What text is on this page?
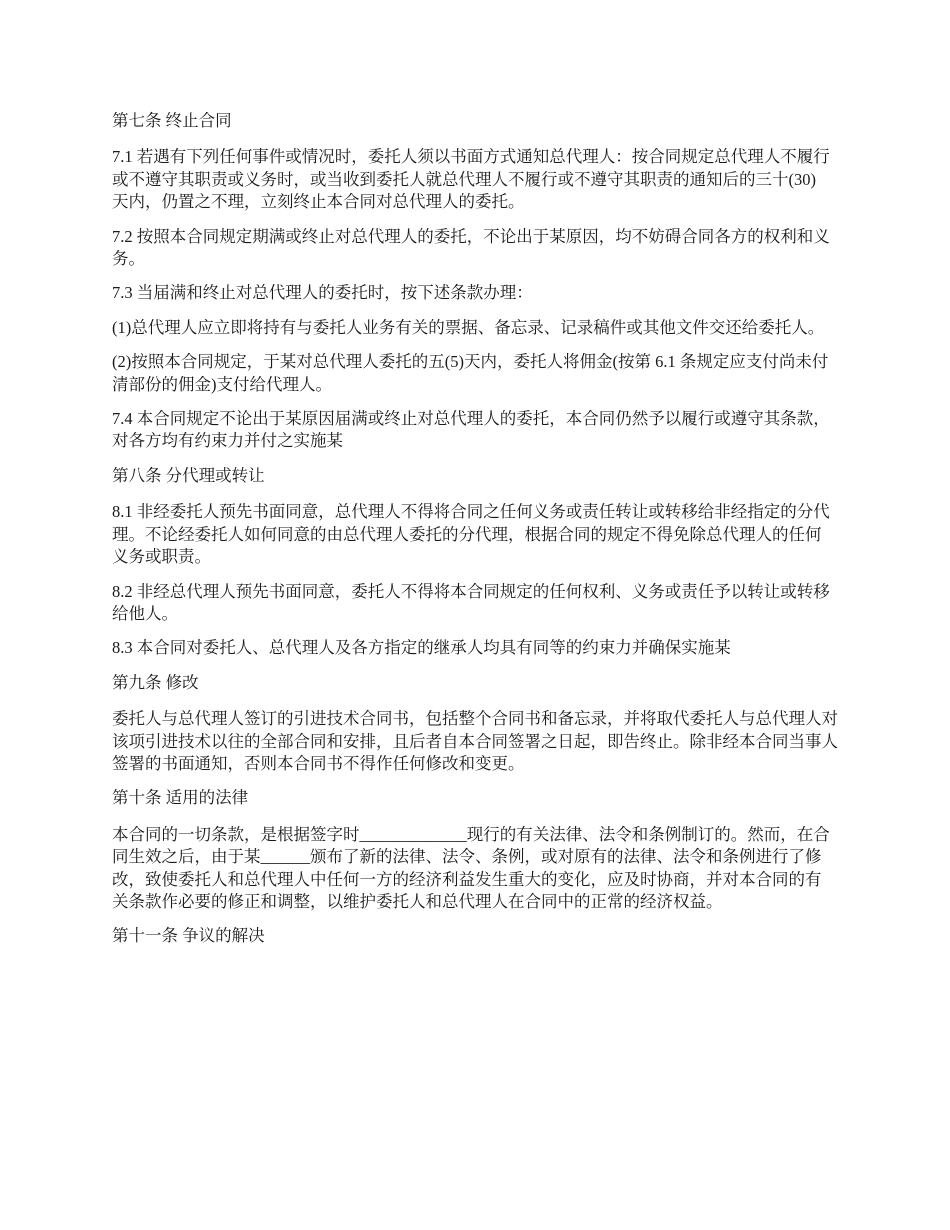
第七条 终止合同

7.1 若遇有下列任何事件或情况时，委托人须以书面方式通知总代理人：按合同规定总代理人不履行或不遵守其职责或义务时，或当收到委托人就总代理人不履行或不遵守其职责的通知后的三十(30)天内，仍置之不理，立刻终止本合同对总代理人的委托。

7.2 按照本合同规定期满或终止对总代理人的委托，不论出于某原因，均不妨碍合同各方的权利和义务。

7.3 当届满和终止对总代理人的委托时，按下述条款办理：

(1)总代理人应立即将持有与委托人业务有关的票据、备忘录、记录稿件或其他文件交还给委托人。

(2)按照本合同规定，于某对总代理人委托的五(5)天内，委托人将佣金(按第 6.1 条规定应支付尚未付清部份的佣金)支付给代理人。

7.4 本合同规定不论出于某原因届满或终止对总代理人的委托，本合同仍然予以履行或遵守其条款，对各方均有约束力并付之实施某

第八条 分代理或转让

8.1 非经委托人预先书面同意，总代理人不得将合同之任何义务或责任转让或转移给非经指定的分代理。不论经委托人如何同意的由总代理人委托的分代理，根据合同的规定不得免除总代理人的任何义务或职责。

8.2 非经总代理人预先书面同意，委托人不得将本合同规定的任何权利、义务或责任予以转让或转移给他人。

8.3 本合同对委托人、总代理人及各方指定的继承人均具有同等的约束力并确保实施某

第九条 修改

委托人与总代理人签订的引进技术合同书，包括整个合同书和备忘录，并将取代委托人与总代理人对该项引进技术以往的全部合同和安排，且后者自本合同签署之日起，即告终止。除非经本合同当事人签署的书面通知，否则本合同书不得作任何修改和变更。

第十条 适用的法律

本合同的一切条款，是根据签字时_____________现行的有关法律、法令和条例制订的。然而，在合同生效之后，由于某______颁布了新的法律、法令、条例，或对原有的法律、法令和条例进行了修改，致使委托人和总代理人中任何一方的经济利益发生重大的变化，应及时协商，并对本合同的有关条款作必要的修正和调整，以维护委托人和总代理人在合同中的正常的经济权益。

第十一条 争议的解决
